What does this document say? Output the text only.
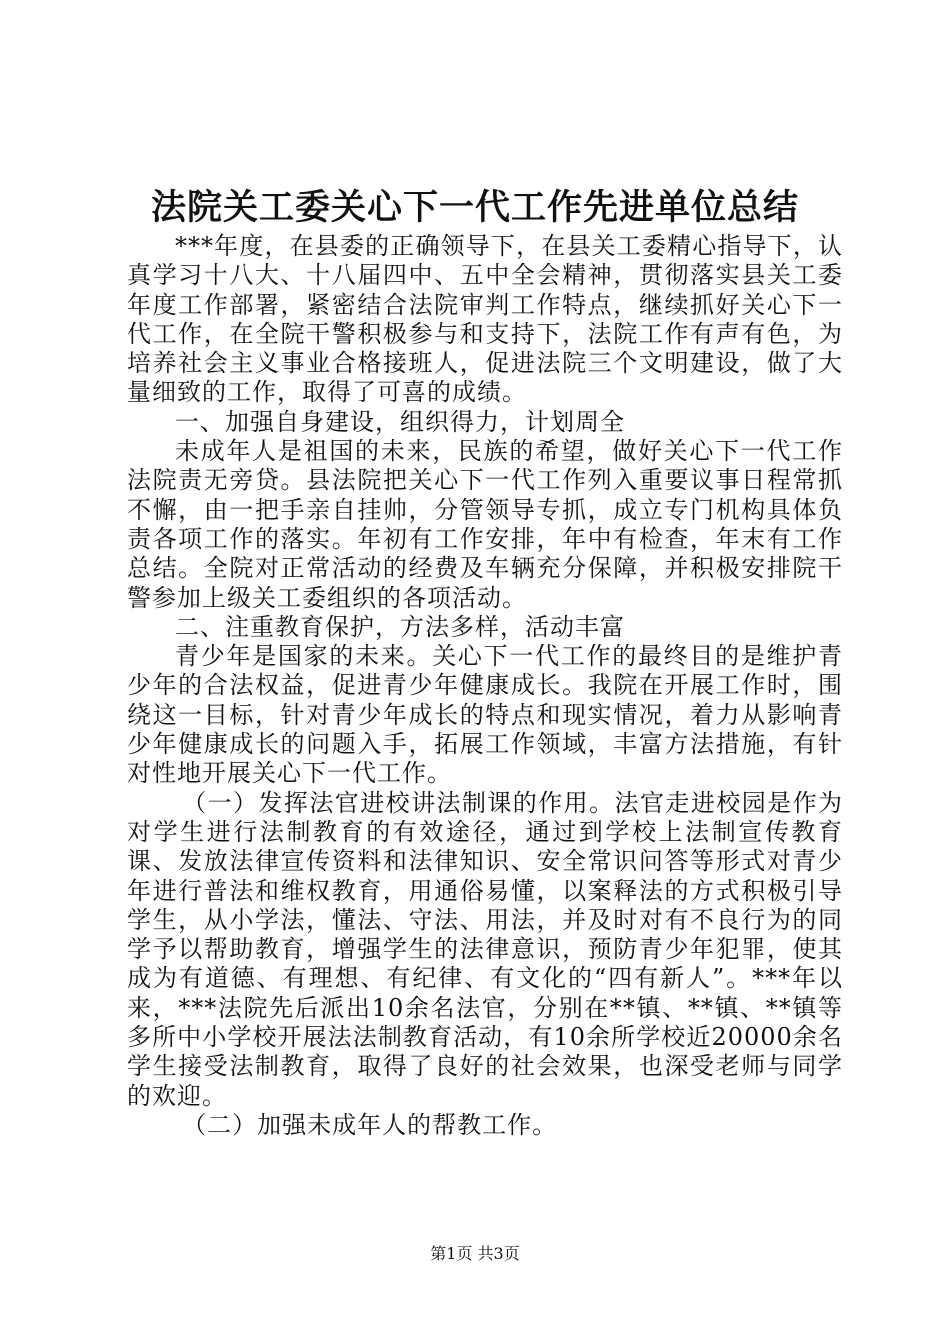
法院关工委关心下一代工作先进单位总结

***年度，在县委的正确领导下，在县关工委精心指导下，认真学习十八大、十八届四中、五中全会精神，贯彻落实县关工委年度工作部署，紧密结合法院审判工作特点，继续抓好关心下一代工作，在全院干警积极参与和支持下，法院工作有声有色，为培养社会主义事业合格接班人，促进法院三个文明建设，做了大量细致的工作，取得了可喜的成绩。

一、加强自身建设，组织得力，计划周全

未成年人是祖国的未来，民族的希望，做好关心下一代工作法院责无旁贷。县法院把关心下一代工作列入重要议事日程常抓不懈，由一把手亲自挂帅，分管领导专抓，成立专门机构具体负责各项工作的落实。年初有工作安排，年中有检查，年末有工作总结。全院对正常活动的经费及车辆充分保障，并积极安排院干警参加上级关工委组织的各项活动。

二、注重教育保护，方法多样，活动丰富

青少年是国家的未来。关心下一代工作的最终目的是维护青少年的合法权益，促进青少年健康成长。我院在开展工作时，围绕这一目标，针对青少年成长的特点和现实情况，着力从影响青少年健康成长的问题入手，拓展工作领域，丰富方法措施，有针对性地开展关心下一代工作。

（一）发挥法官进校讲法制课的作用。法官走进校园是作为对学生进行法制教育的有效途径，通过到学校上法制宣传教育课、发放法律宣传资料和法律知识、安全常识问答等形式对青少年进行普法和维权教育，用通俗易懂，以案释法的方式积极引导学生，从小学法，懂法、守法、用法，并及时对有不良行为的同学予以帮助教育，增强学生的法律意识，预防青少年犯罪，使其成为有道德、有理想、有纪律、有文化的“四有新人”。***年以来，***法院先后派出10余名法官，分别在**镇、**镇、**镇等多所中小学校开展法法制教育活动，有10余所学校近20000余名学生接受法制教育，取得了良好的社会效果，也深受老师与同学的欢迎。

（二）加强未成年人的帮教工作。

第1页 共3页
